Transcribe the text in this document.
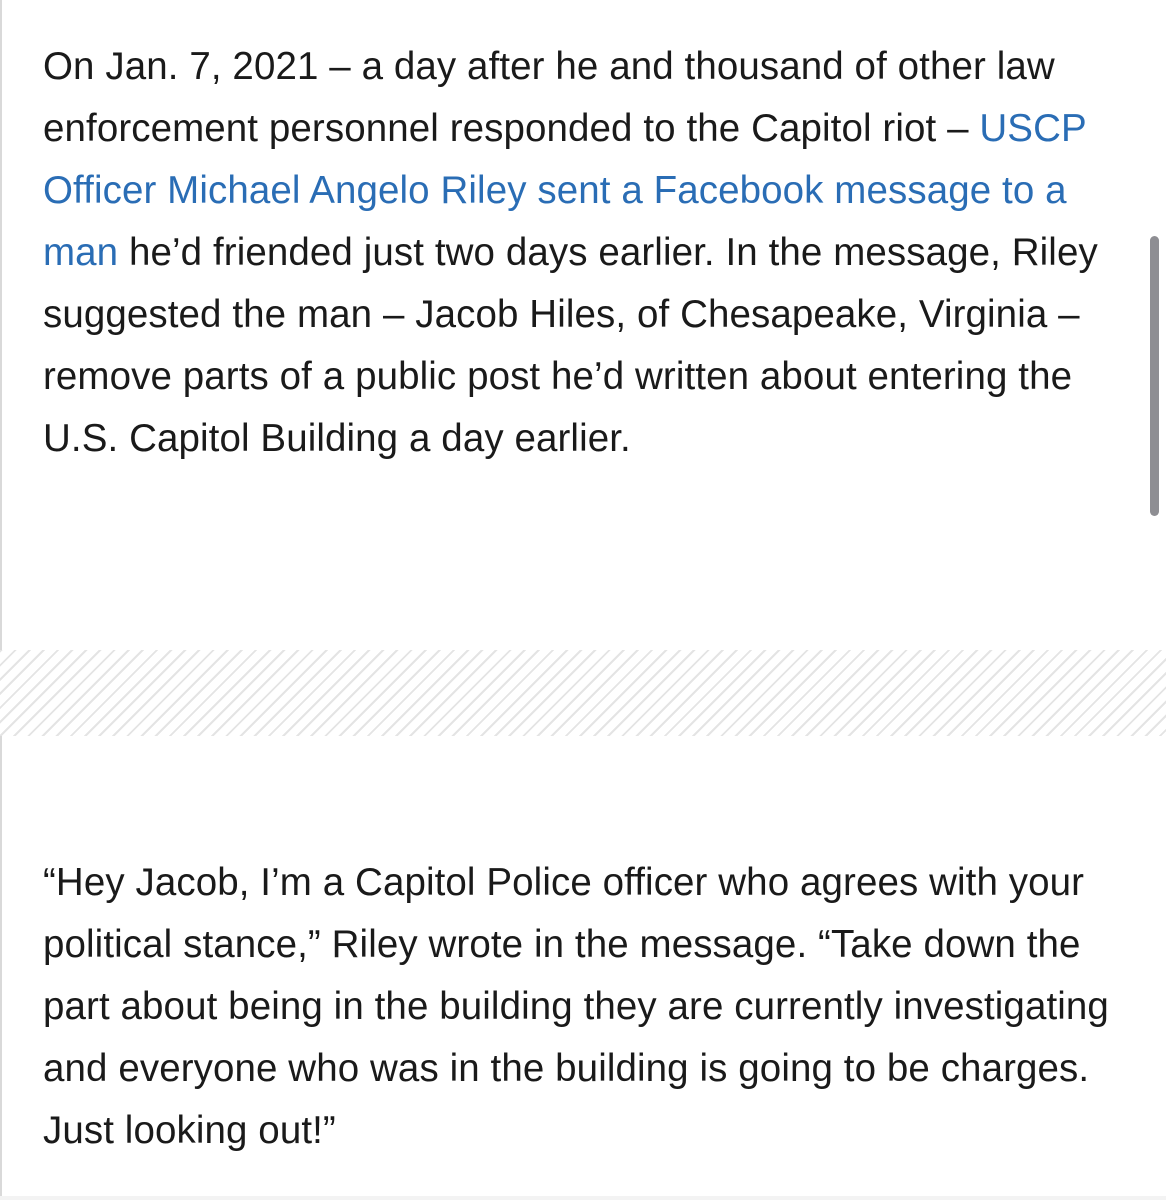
On Jan. 7, 2021 – a day after he and thousand of other law enforcement personnel responded to the Capitol riot – USCP Officer Michael Angelo Riley sent a Facebook message to a man he’d friended just two days earlier. In the message, Riley suggested the man – Jacob Hiles, of Chesapeake, Virginia – remove parts of a public post he’d written about entering the U.S. Capitol Building a day earlier.

“Hey Jacob, I’m a Capitol Police officer who agrees with your political stance,” Riley wrote in the message. “Take down the part about being in the building they are currently investigating and everyone who was in the building is going to be charges. Just looking out!”
